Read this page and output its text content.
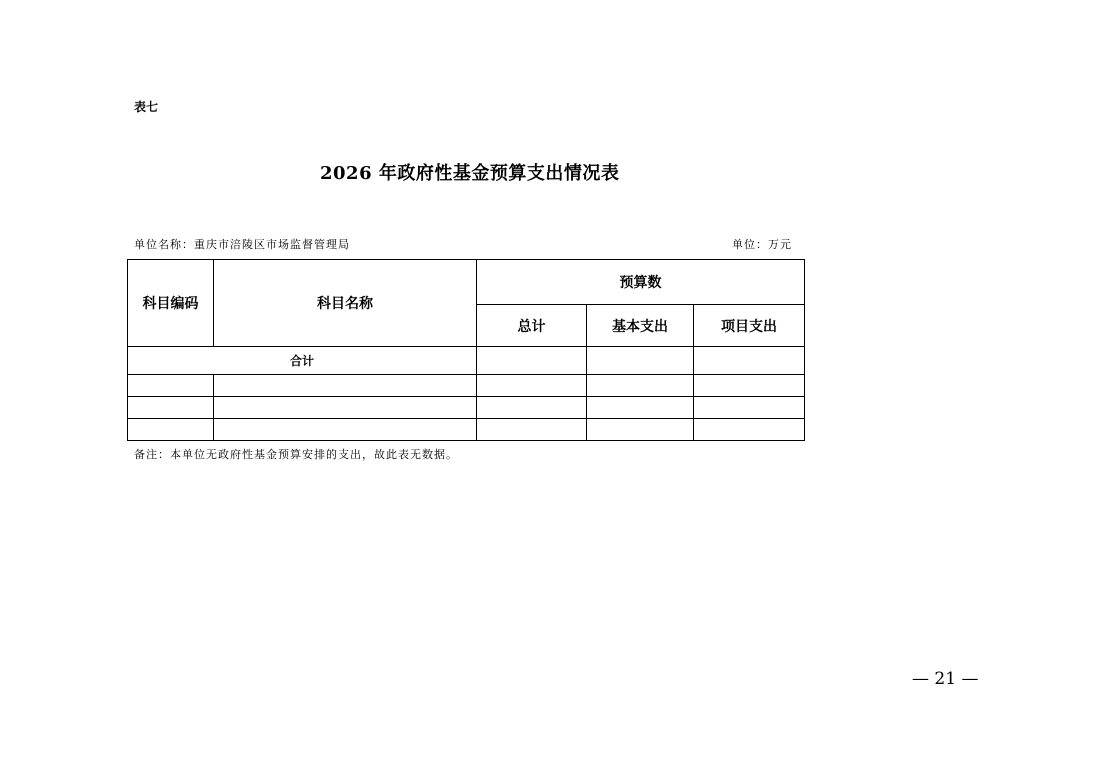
表七
2026 年政府性基金预算支出情况表
单位名称：重庆市涪陵区市场监督管理局	单位：万元
科目编码	科目名称	预算数		
		总计	基本支出	项目支出
合计				

备注：本单位无政府性基金预算安排的支出，故此表无数据。
— 21 —
